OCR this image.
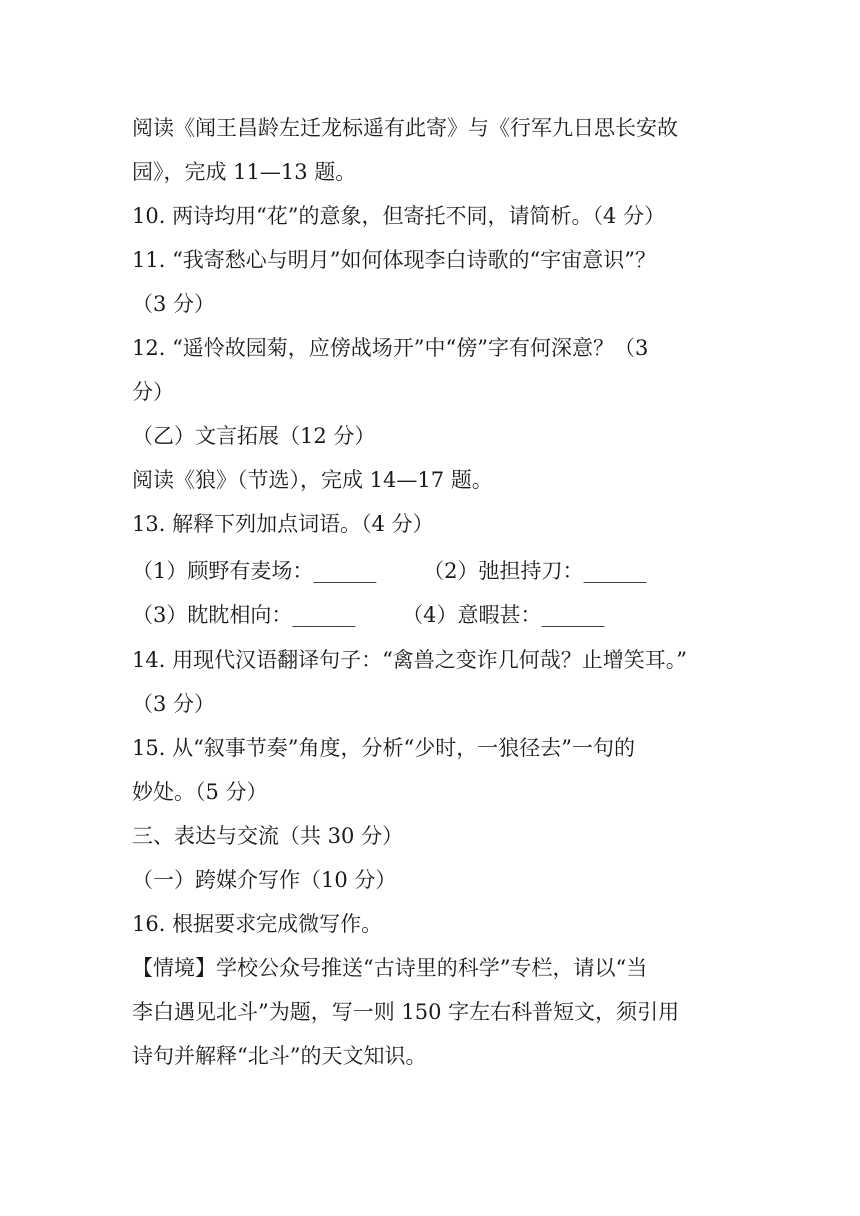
阅读《闻王昌龄左迁龙标遥有此寄》与《行军九日思长安故
园》，完成 11—13 题。
10. 两诗均用“花”的意象，但寄托不同，请简析。（4 分）
11. “我寄愁心与明月”如何体现李白诗歌的“宇宙意识”？
（3 分）
12. “遥怜故园菊，应傍战场开”中“傍”字有何深意？（3
分）
（乙）文言拓展（12 分）
阅读《狼》（节选），完成 14—17 题。
13. 解释下列加点词语。（4 分）
（1）顾野有麦场：______       （2）弛担持刀：______
（3）眈眈相向：______       （4）意暇甚：______
14. 用现代汉语翻译句子：“禽兽之变诈几何哉？止增笑耳。”
（3 分）
15. 从“叙事节奏”角度，分析“少时，一狼径去”一句的
妙处。（5 分）
三、表达与交流（共 30 分）
（一）跨媒介写作（10 分）
16. 根据要求完成微写作。
【情境】学校公众号推送“古诗里的科学”专栏，请以“当
李白遇见北斗”为题，写一则 150 字左右科普短文，须引用
诗句并解释“北斗”的天文知识。
